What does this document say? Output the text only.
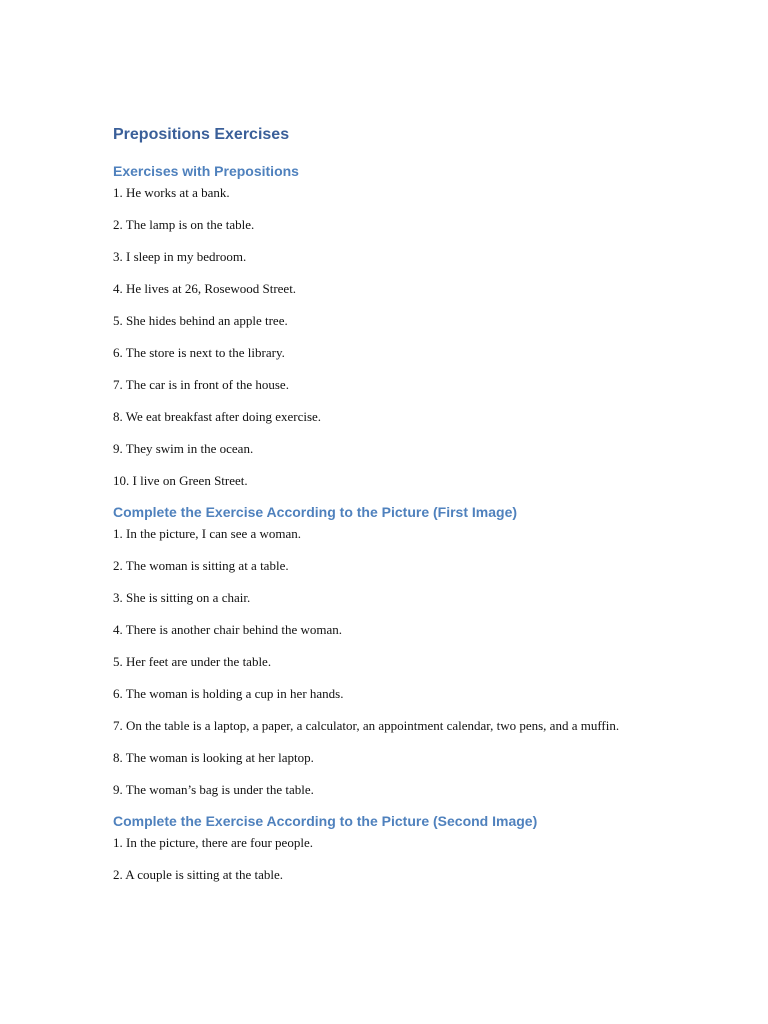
Prepositions Exercises
Exercises with Prepositions

1. He works at a bank.

2. The lamp is on the table.

3. I sleep in my bedroom.

4. He lives at 26, Rosewood Street.

5. She hides behind an apple tree.

6. The store is next to the library.

7. The car is in front of the house.

8. We eat breakfast after doing exercise.

9. They swim in the ocean.

10. I live on Green Street.

Complete the Exercise According to the Picture (First Image)

1. In the picture, I can see a woman.

2. The woman is sitting at a table.

3. She is sitting on a chair.

4. There is another chair behind the woman.

5. Her feet are under the table.

6. The woman is holding a cup in her hands.

7. On the table is a laptop, a paper, a calculator, an appointment calendar, two pens, and a muffin.

8. The woman is looking at her laptop.

9. The woman’s bag is under the table.

Complete the Exercise According to the Picture (Second Image)

1. In the picture, there are four people.

2. A couple is sitting at the table.
